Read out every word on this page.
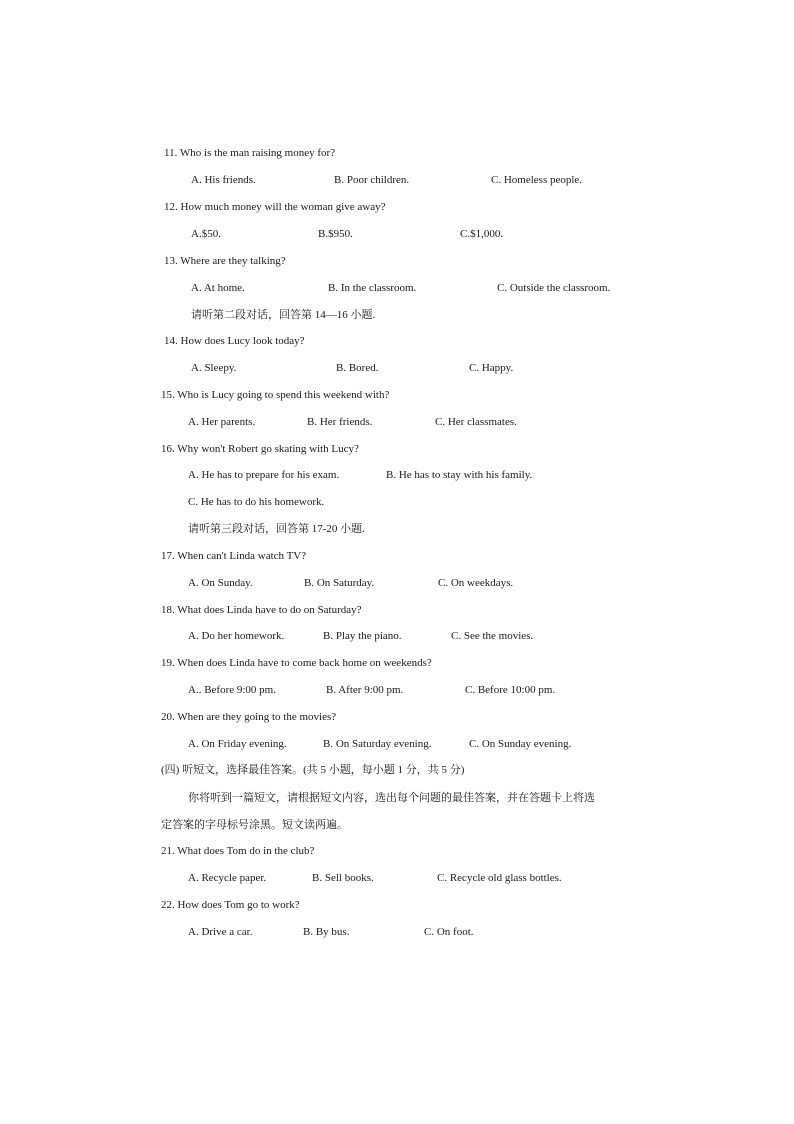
11. Who is the man raising money for?
A. His friends.	B. Poor children.	C. Homeless people.
12. How much money will the woman give away?
A.$50.	B.$950.	C.$1,000.
13. Where are they talking?
A. At home.	B. In the classroom.	C. Outside the classroom.
请听第二段对话，回答第 14—16 小题.
14. How does Lucy look today?
A. Sleepy.	B. Bored.	C. Happy.
15. Who is Lucy going to spend this weekend with?
A. Her parents.	B. Her friends.	C. Her classmates.
16. Why won't Robert go skating with Lucy?
A. He has to prepare for his exam.	B. He has to stay with his family.
C. He has to do his homework.
请听第三段对话，回答第 17-20 小题.
17. When can't Linda watch TV?
A. On Sunday.	B. On Saturday.	C. On weekdays.
18. What does Linda have to do on Saturday?
A. Do her homework.	B. Play the piano.	C. See the movies.
19. When does Linda have to come back home on weekends?
A.. Before 9:00 pm.	B. After 9:00 pm.	C. Before 10:00 pm.
20. When are they going to the movies?
A. On Friday evening.	B. On Saturday evening.	C. On Sunday evening.
(四) 听短文，选择最佳答案。(共 5 小题，每小题 1 分，共 5 分)
你将听到一篇短文，请根据短文内容，选出每个问题的最佳答案，并在答题卡上将选
定答案的字母标号涂黑。短文读两遍。
21. What does Tom do in the club?
A. Recycle paper.	B. Sell books.	C. Recycle old glass bottles.
22. How does Tom go to work?
A. Drive a car.	B. By bus.	C. On foot.
